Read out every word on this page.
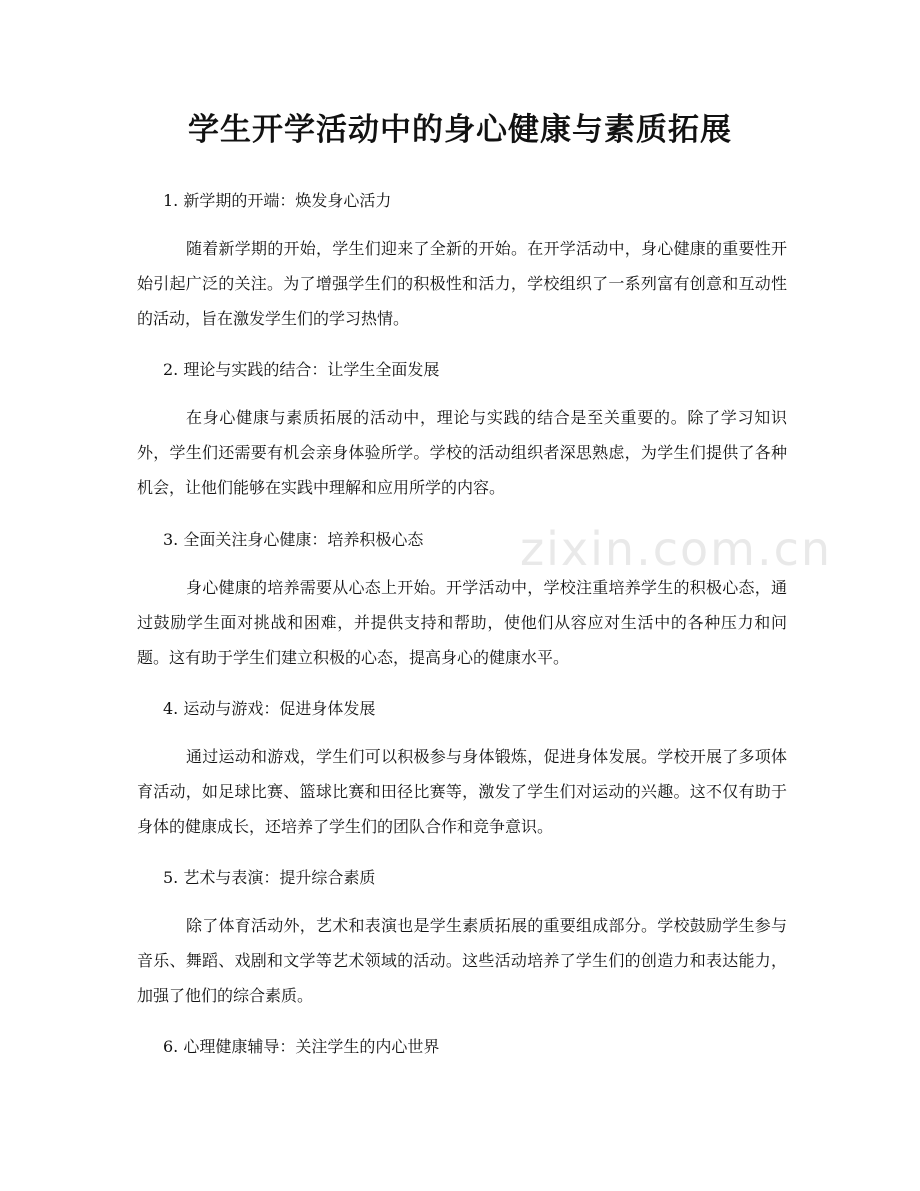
zixin.com.cn
学生开学活动中的身心健康与素质拓展

1. 新学期的开端：焕发身心活力

随着新学期的开始，学生们迎来了全新的开始。在开学活动中，身心健康的重要性开始引起广泛的关注。为了增强学生们的积极性和活力，学校组织了一系列富有创意和互动性的活动，旨在激发学生们的学习热情。

2. 理论与实践的结合：让学生全面发展

在身心健康与素质拓展的活动中，理论与实践的结合是至关重要的。除了学习知识外，学生们还需要有机会亲身体验所学。学校的活动组织者深思熟虑，为学生们提供了各种机会，让他们能够在实践中理解和应用所学的内容。

3. 全面关注身心健康：培养积极心态

身心健康的培养需要从心态上开始。开学活动中，学校注重培养学生的积极心态，通过鼓励学生面对挑战和困难，并提供支持和帮助，使他们从容应对生活中的各种压力和问题。这有助于学生们建立积极的心态，提高身心的健康水平。

4. 运动与游戏：促进身体发展

通过运动和游戏，学生们可以积极参与身体锻炼，促进身体发展。学校开展了多项体育活动，如足球比赛、篮球比赛和田径比赛等，激发了学生们对运动的兴趣。这不仅有助于身体的健康成长，还培养了学生们的团队合作和竞争意识。

5. 艺术与表演：提升综合素质

除了体育活动外，艺术和表演也是学生素质拓展的重要组成部分。学校鼓励学生参与音乐、舞蹈、戏剧和文学等艺术领域的活动。这些活动培养了学生们的创造力和表达能力，加强了他们的综合素质。

6. 心理健康辅导：关注学生的内心世界
